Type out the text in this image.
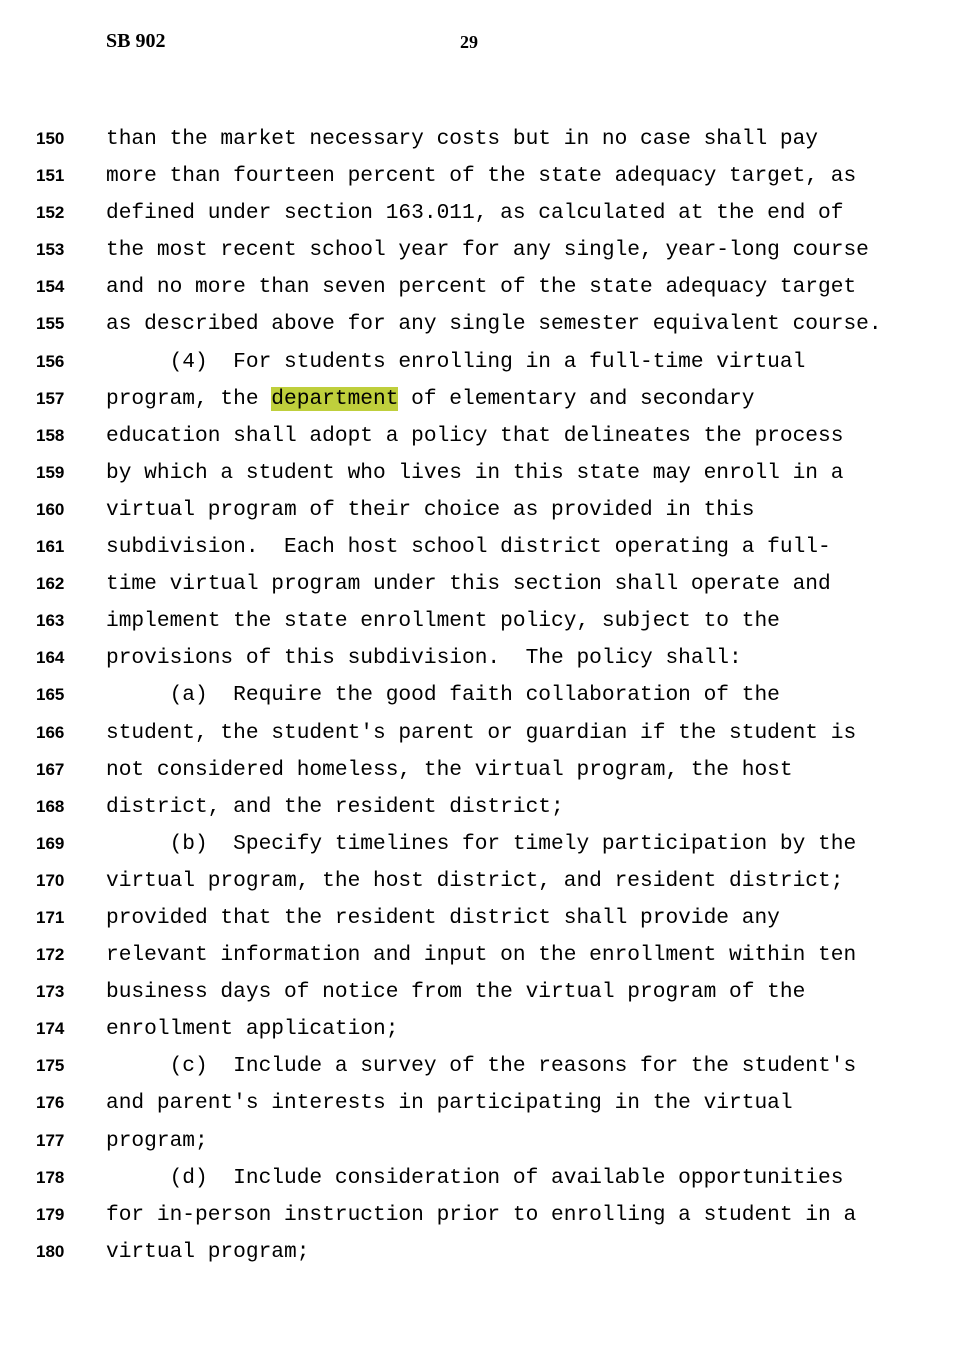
SB 902	29
150 than the market necessary costs but in no case shall pay
151 more than fourteen percent of the state adequacy target, as
152 defined under section 163.011, as calculated at the end of
153 the most recent school year for any single, year-long course
154 and no more than seven percent of the state adequacy target
155 as described above for any single semester equivalent course.
156 (4)  For students enrolling in a full-time virtual
157 program, the department of elementary and secondary
158 education shall adopt a policy that delineates the process
159 by which a student who lives in this state may enroll in a
160 virtual program of their choice as provided in this
161 subdivision.  Each host school district operating a full-
162 time virtual program under this section shall operate and
163 implement the state enrollment policy, subject to the
164 provisions of this subdivision.  The policy shall:
165 (a)  Require the good faith collaboration of the
166 student, the student's parent or guardian if the student is
167 not considered homeless, the virtual program, the host
168 district, and the resident district;
169 (b)  Specify timelines for timely participation by the
170 virtual program, the host district, and resident district;
171 provided that the resident district shall provide any
172 relevant information and input on the enrollment within ten
173 business days of notice from the virtual program of the
174 enrollment application;
175 (c)  Include a survey of the reasons for the student's
176 and parent's interests in participating in the virtual
177 program;
178 (d)  Include consideration of available opportunities
179 for in-person instruction prior to enrolling a student in a
180 virtual program;
